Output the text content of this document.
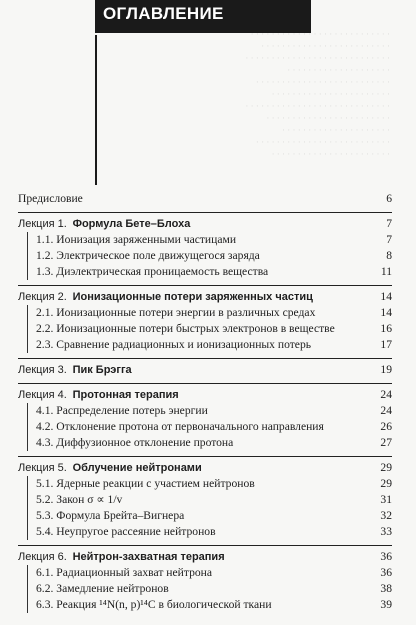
ОГЛАВЛЕНИЕ
· · · · · · · · · · · · · · · · · · · · · · · · · · ·
· · · · · · · · · · · · · · · · · · · · · · · · ·
· · · · · · · · · · · · · · · · · · · · · · · · · · · ·
· · · · · · · · · · · · · · · · · · · ·
· · · · · · · · · · · · · · · · · · · · · · · · · ·
· · · · · · · · · · · · · · · · · · · · · · ·
· · · · · · · · · · · · · · · · · · · · · · · · · · · ·
· · · · · · · · · · · · · · · · · · · · · · · ·
· · · · · · · · · · · · · · · · · · · · ·
· · · · · · · · · · · · · · · · · · · · · · · · · ·
· · · · · · · · · · · · · · · · · · · · · · ·
Предисловие	6
Лекция 1. Формула Бете–Блоха	7
1.1. Ионизация заряженными частицами	7
1.2. Электрическое поле движущегося заряда	8
1.3. Диэлектрическая проницаемость вещества	11
Лекция 2. Ионизационные потери заряженных частиц	14
2.1. Ионизационные потери энергии в различных средах	14
2.2. Ионизационные потери быстрых электронов в веществе	16
2.3. Сравнение радиационных и ионизационных потерь	17
Лекция 3. Пик Брэгга	19
Лекция 4. Протонная терапия	24
4.1. Распределение потерь энергии	24
4.2. Отклонение протона от первоначального направления	26
4.3. Диффузионное отклонение протона	27
Лекция 5. Облучение нейтронами	29
5.1. Ядерные реакции с участием нейтронов	29
5.2. Закон σ ∝ 1/v	31
5.3. Формула Брейта–Вигнера	32
5.4. Неупругое рассеяние нейтронов	33
Лекция 6. Нейтрон-захватная терапия	36
6.1. Радиационный захват нейтрона	36
6.2. Замедление нейтронов	38
6.3. Реакция ¹⁴N(n, p)¹⁴C в биологической ткани	39
